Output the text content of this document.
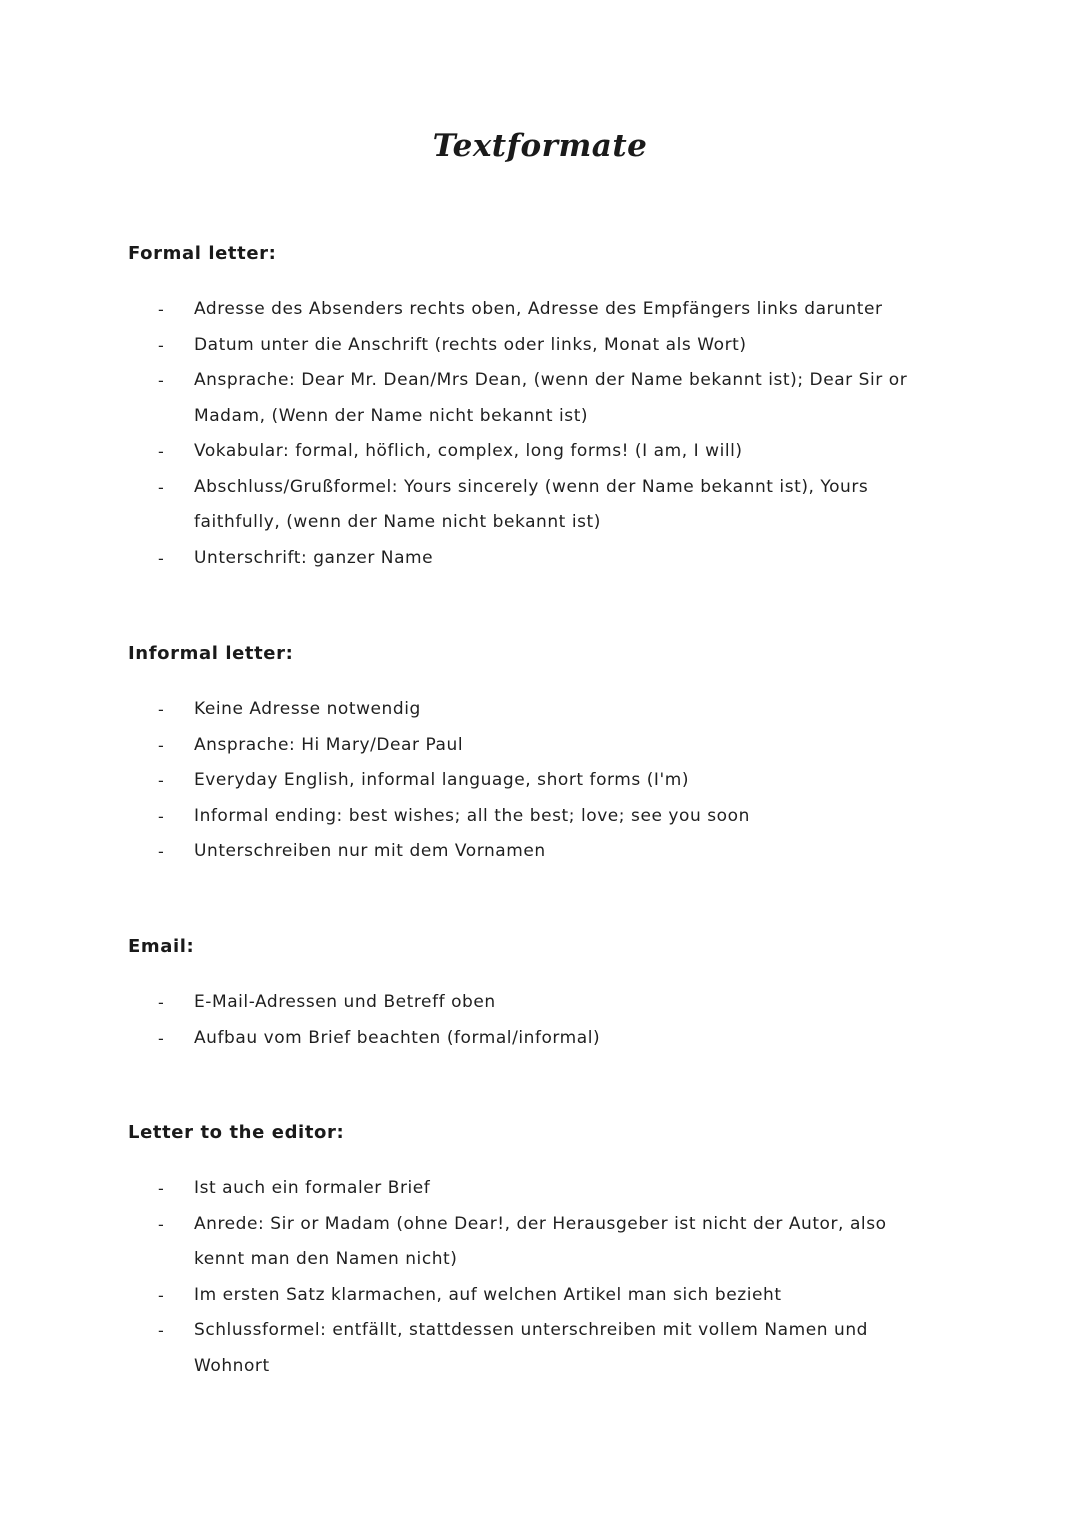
Textformate
Formal letter:
- Adresse des Absenders rechts oben, Adresse des Empfängers links darunter
- Datum unter die Anschrift (rechts oder links, Monat als Wort)
- Ansprache: Dear Mr. Dean/Mrs Dean, (wenn der Name bekannt ist); Dear Sir or Madam, (Wenn der Name nicht bekannt ist)
- Vokabular: formal, höflich, complex, long forms! (I am, I will)
- Abschluss/Grußformel: Yours sincerely (wenn der Name bekannt ist), Yours faithfully, (wenn der Name nicht bekannt ist)
- Unterschrift: ganzer Name
Informal letter:
- Keine Adresse notwendig
- Ansprache: Hi Mary/Dear Paul
- Everyday English, informal language, short forms (I'm)
- Informal ending: best wishes; all the best; love; see you soon
- Unterschreiben nur mit dem Vornamen
Email:
- E-Mail-Adressen und Betreff oben
- Aufbau vom Brief beachten (formal/informal)
Letter to the editor:
- Ist auch ein formaler Brief
- Anrede: Sir or Madam (ohne Dear!, der Herausgeber ist nicht der Autor, also kennt man den Namen nicht)
- Im ersten Satz klarmachen, auf welchen Artikel man sich bezieht
- Schlussformel: entfällt, stattdessen unterschreiben mit vollem Namen und Wohnort
